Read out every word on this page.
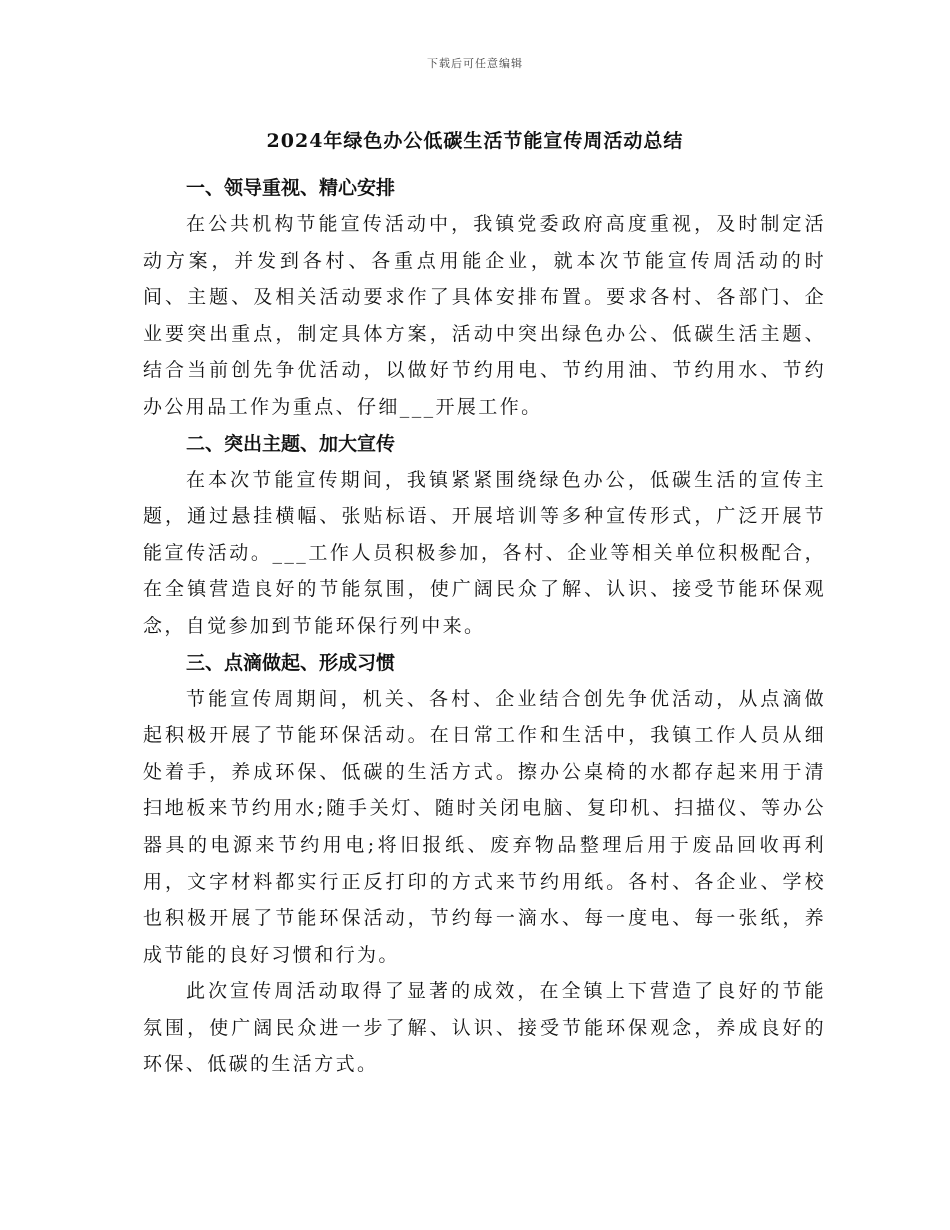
下载后可任意编辑
2024年绿色办公低碳生活节能宣传周活动总结
一、领导重视、精心安排

在公共机构节能宣传活动中，我镇党委政府高度重视，及时制定活动方案，并发到各村、各重点用能企业，就本次节能宣传周活动的时间、主题、及相关活动要求作了具体安排布置。要求各村、各部门、企业要突出重点，制定具体方案，活动中突出绿色办公、低碳生活主题、结合当前创先争优活动，以做好节约用电、节约用油、节约用水、节约办公用品工作为重点、仔细___开展工作。

二、突出主题、加大宣传

在本次节能宣传期间，我镇紧紧围绕绿色办公，低碳生活的宣传主题，通过悬挂横幅、张贴标语、开展培训等多种宣传形式，广泛开展节能宣传活动。___工作人员积极参加，各村、企业等相关单位积极配合，在全镇营造良好的节能氛围，使广阔民众了解、认识、接受节能环保观念，自觉参加到节能环保行列中来。

三、点滴做起、形成习惯

节能宣传周期间，机关、各村、企业结合创先争优活动，从点滴做起积极开展了节能环保活动。在日常工作和生活中，我镇工作人员从细处着手，养成环保、低碳的生活方式。擦办公桌椅的水都存起来用于清扫地板来节约用水;随手关灯、随时关闭电脑、复印机、扫描仪、等办公器具的电源来节约用电;将旧报纸、废弃物品整理后用于废品回收再利用，文字材料都实行正反打印的方式来节约用纸。各村、各企业、学校也积极开展了节能环保活动，节约每一滴水、每一度电、每一张纸，养成节能的良好习惯和行为。

此次宣传周活动取得了显著的成效，在全镇上下营造了良好的节能氛围，使广阔民众进一步了解、认识、接受节能环保观念，养成良好的环保、低碳的生活方式。
